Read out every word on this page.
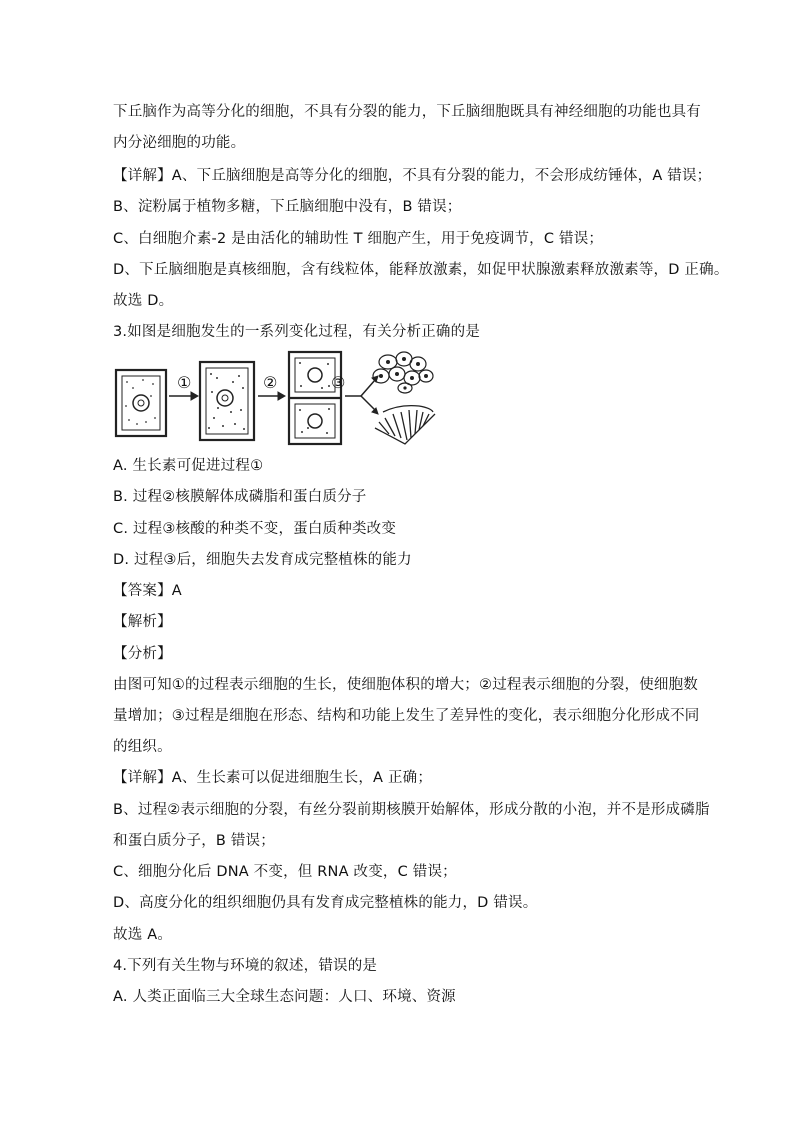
下丘脑作为高等分化的细胞，不具有分裂的能力，下丘脑细胞既具有神经细胞的功能也具有
内分泌细胞的功能。
【详解】A、下丘脑细胞是高等分化的细胞，不具有分裂的能力，不会形成纺锤体，A 错误；
B、淀粉属于植物多糖，下丘脑细胞中没有，B 错误；
C、白细胞介素-2 是由活化的辅助性 T 细胞产生，用于免疫调节，C 错误；
D、下丘脑细胞是真核细胞，含有线粒体，能释放激素，如促甲状腺激素释放激素等，D 正确。
故选 D。
3.如图是细胞发生的一系列变化过程，有关分析正确的是
①	②	③
A. 生长素可促进过程①
B. 过程②核膜解体成磷脂和蛋白质分子
C. 过程③核酸的种类不变，蛋白质种类改变
D. 过程③后，细胞失去发育成完整植株的能力
【答案】A
【解析】
【分析】
由图可知①的过程表示细胞的生长，使细胞体积的增大；②过程表示细胞的分裂，使细胞数
量增加；③过程是细胞在形态、结构和功能上发生了差异性的变化，表示细胞分化形成不同
的组织。
【详解】A、生长素可以促进细胞生长，A 正确；
B、过程②表示细胞的分裂，有丝分裂前期核膜开始解体，形成分散的小泡，并不是形成磷脂
和蛋白质分子，B 错误；
C、细胞分化后 DNA 不变，但 RNA 改变，C 错误；
D、高度分化的组织细胞仍具有发育成完整植株的能力，D 错误。
故选 A。
4.下列有关生物与环境的叙述，错误的是
A. 人类正面临三大全球生态问题：人口、环境、资源
